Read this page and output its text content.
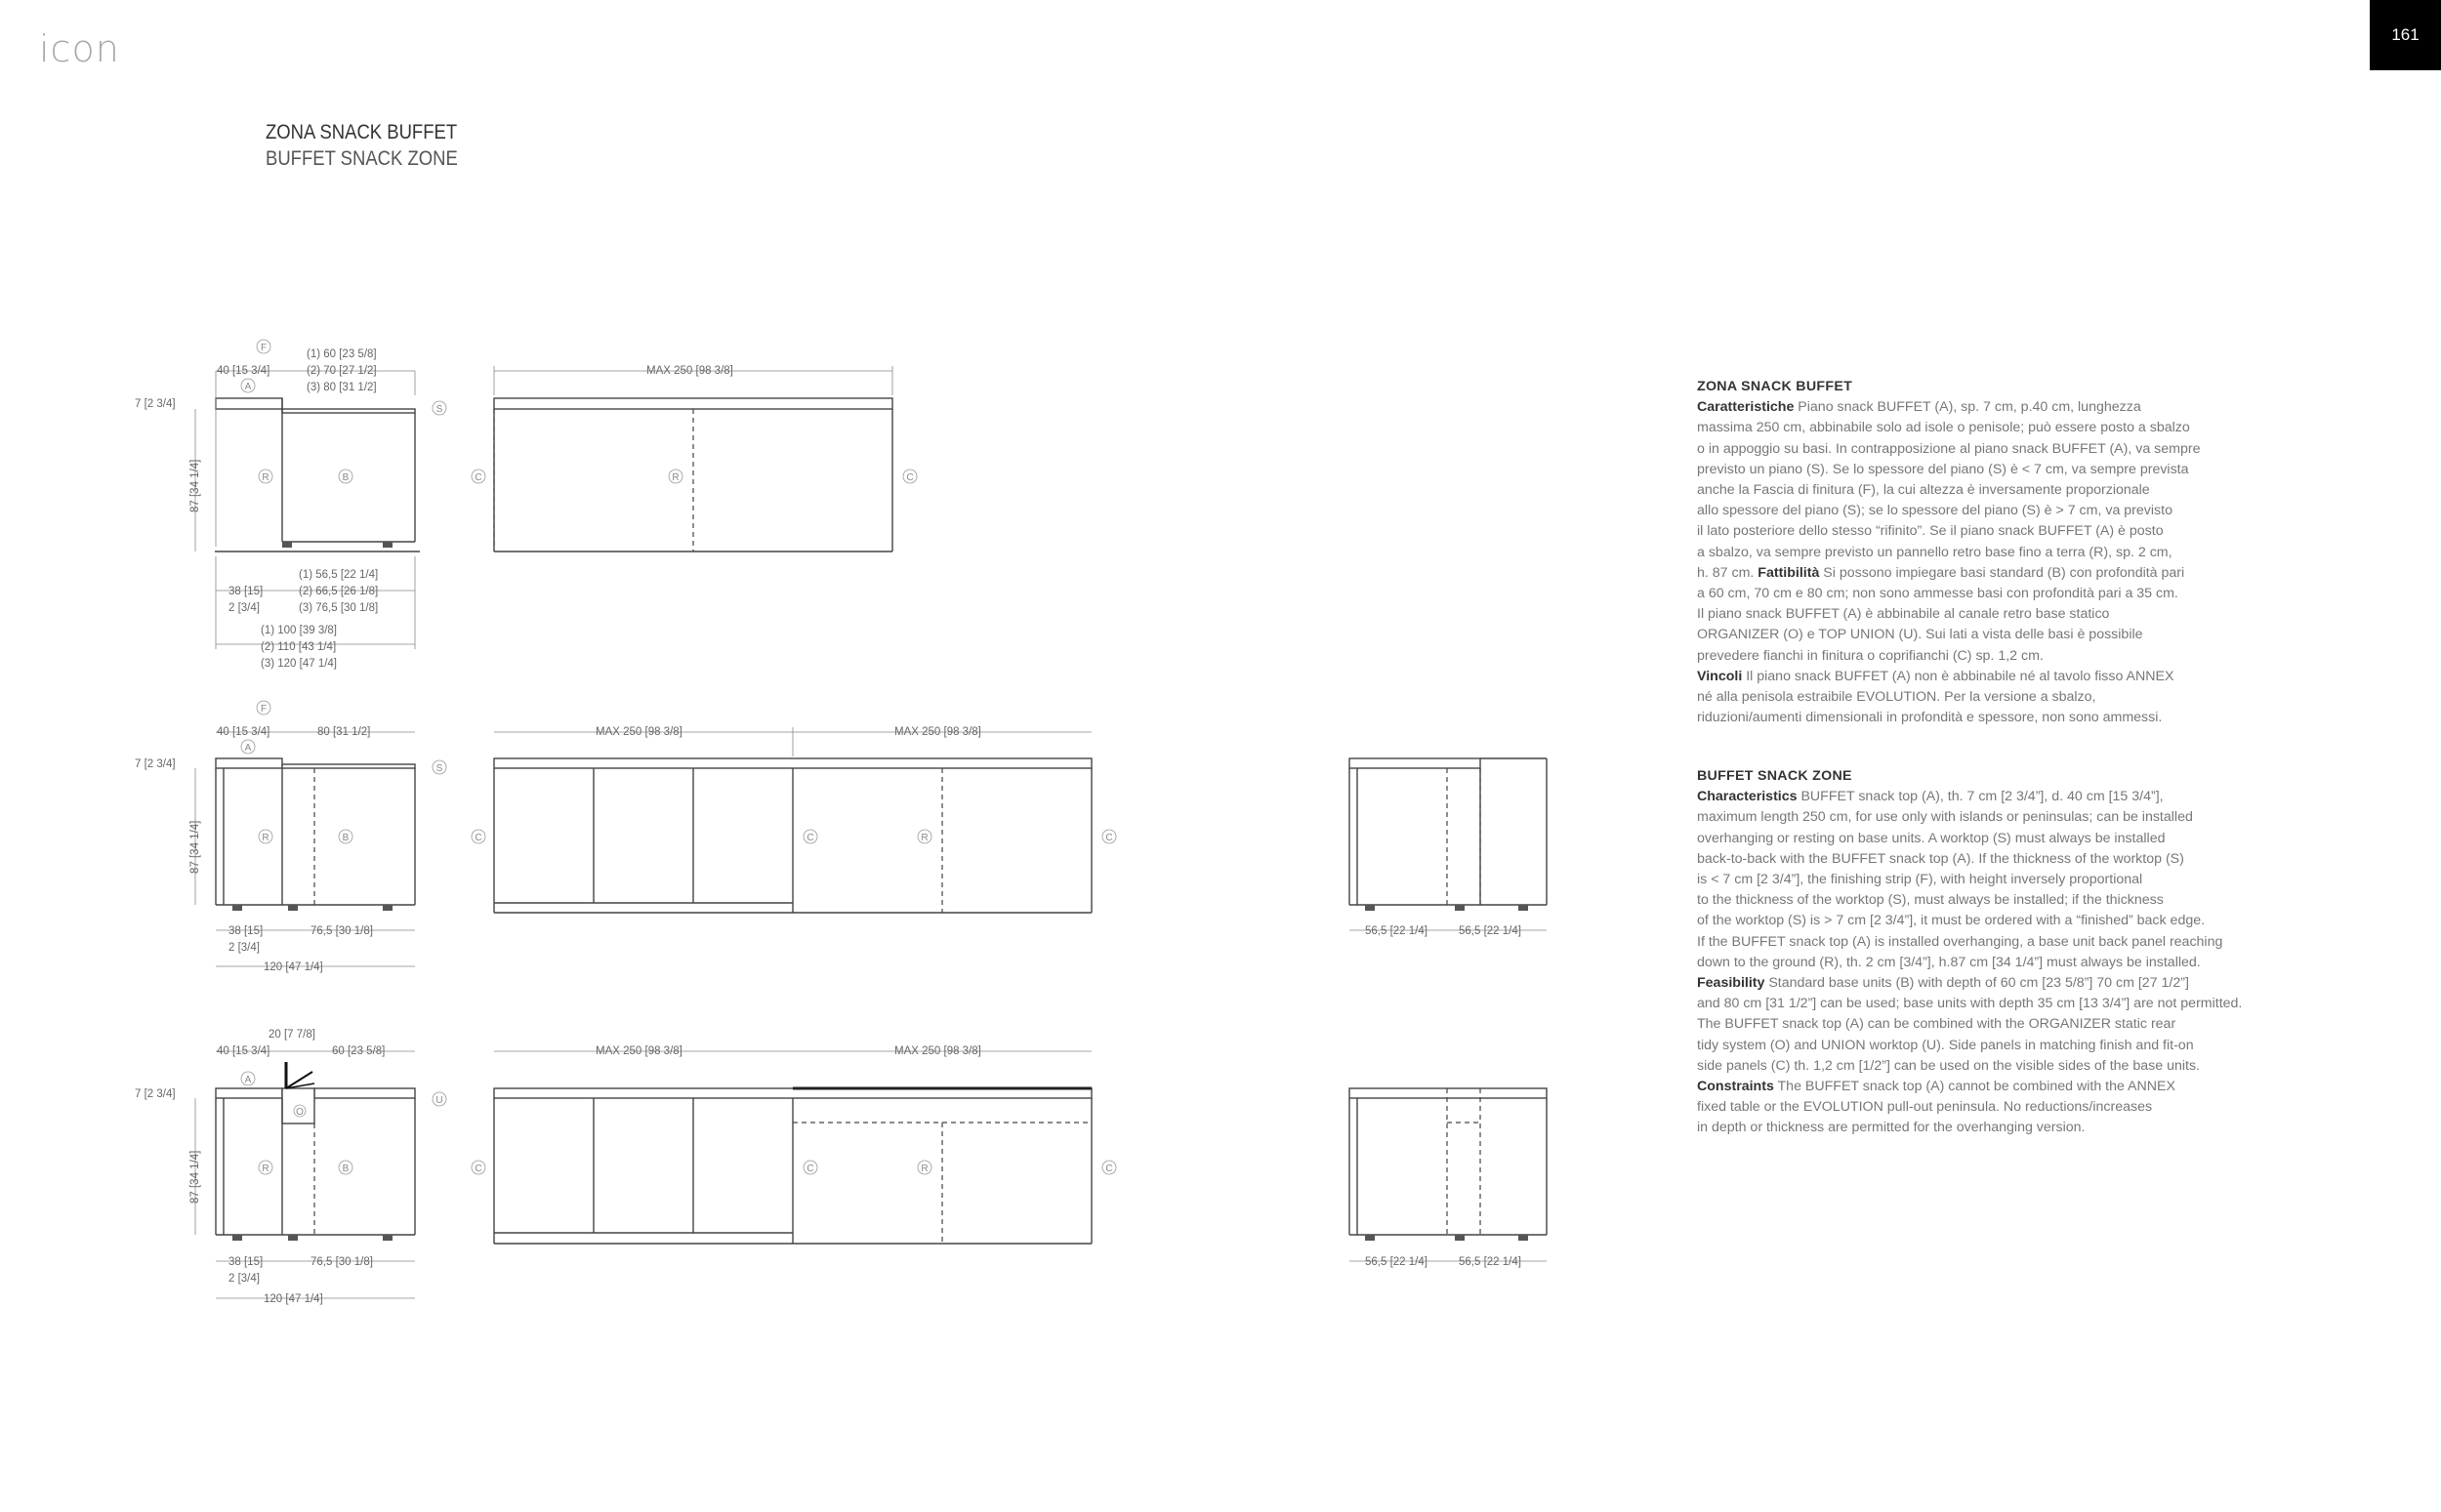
icon	161
ZONA SNACK BUFFET
BUFFET SNACK ZONE
40 [15 3/4]
(1) 60 [23 5/8]
(2) 70 [27 1/2]
(3) 80 [31 1/2]
7 [2 3/4]
87 [34 1/4]
(1) 56,5 [22 1/4]
(2) 66,5 [26 1/8]
(3) 76,5 [30 1/8]
38 [15]
2 [3/4]
(1) 100 [39 3/8]
(2) 110 [43 1/4]
(3) 120 [47 1/4]
MAX 250 [98 3/8]
F
A
R	B
S
C	R	C
40 [15 3/4]	80 [31 1/2]
7 [2 3/4]
87 [34 1/4]
38 [15]
2 [3/4]
76,5 [30 1/8]
120 [47 1/4]
MAX 250 [98 3/8]	MAX 250 [98 3/8]
56,5 [22 1/4]	56,5 [22 1/4]
F
A
R	B
S
C	C	R	C
40 [15 3/4]
20 [7 7/8]
60 [23 5/8]
7 [2 3/4]
87 [34 1/4]
38 [15]
2 [3/4]
76,5 [30 1/8]
120 [47 1/4]
MAX 250 [98 3/8]	MAX 250 [98 3/8]
56,5 [22 1/4]	56,5 [22 1/4]
A
O
R	B
U
C	C	R	C
ZONA SNACK BUFFET
Caratteristiche Piano snack BUFFET (A), sp. 7 cm, p.40 cm, lunghezza
massima 250 cm, abbinabile solo ad isole o penisole; può essere posto a sbalzo
o in appoggio su basi. In contrapposizione al piano snack BUFFET (A), va sempre
previsto un piano (S). Se lo spessore del piano (S) è < 7 cm, va sempre prevista
anche la Fascia di finitura (F), la cui altezza è inversamente proporzionale
allo spessore del piano (S); se lo spessore del piano (S) è > 7 cm, va previsto
il lato posteriore dello stesso “rifinito”. Se il piano snack BUFFET (A) è posto
a sbalzo, va sempre previsto un pannello retro base fino a terra (R), sp. 2 cm,
h. 87 cm. Fattibilità Si possono impiegare basi standard (B) con profondità pari
a 60 cm, 70 cm e 80 cm; non sono ammesse basi con profondità pari a 35 cm.
Il piano snack BUFFET (A) è abbinabile al canale retro base statico
ORGANIZER (O) e TOP UNION (U). Sui lati a vista delle basi è possibile
prevedere fianchi in finitura o coprifianchi (C) sp. 1,2 cm.
Vincoli Il piano snack BUFFET (A) non è abbinabile né al tavolo fisso ANNEX
né alla penisola estraibile EVOLUTION. Per la versione a sbalzo,
riduzioni/aumenti dimensionali in profondità e spessore, non sono ammessi.
BUFFET SNACK ZONE
Characteristics BUFFET snack top (A), th. 7 cm [2 3/4”], d. 40 cm [15 3/4”],
maximum length 250 cm, for use only with islands or peninsulas; can be installed
overhanging or resting on base units. A worktop (S) must always be installed
back-to-back with the BUFFET snack top (A). If the thickness of the worktop (S)
is < 7 cm [2 3/4”], the finishing strip (F), with height inversely proportional
to the thickness of the worktop (S), must always be installed; if the thickness
of the worktop (S) is > 7 cm [2 3/4”], it must be ordered with a “finished” back edge.
If the BUFFET snack top (A) is installed overhanging, a base unit back panel reaching
down to the ground (R), th. 2 cm [3/4”], h.87 cm [34 1/4”] must always be installed.
Feasibility Standard base units (B) with depth of 60 cm [23 5/8”] 70 cm [27 1/2”]
and 80 cm [31 1/2”] can be used; base units with depth 35 cm [13 3/4”] are not permitted.
The BUFFET snack top (A) can be combined with the ORGANIZER static rear
tidy system (O) and UNION worktop (U). Side panels in matching finish and fit-on
side panels (C) th. 1,2 cm [1/2”] can be used on the visible sides of the base units.
Constraints The BUFFET snack top (A) cannot be combined with the ANNEX
fixed table or the EVOLUTION pull-out peninsula. No reductions/increases
in depth or thickness are permitted for the overhanging version.
